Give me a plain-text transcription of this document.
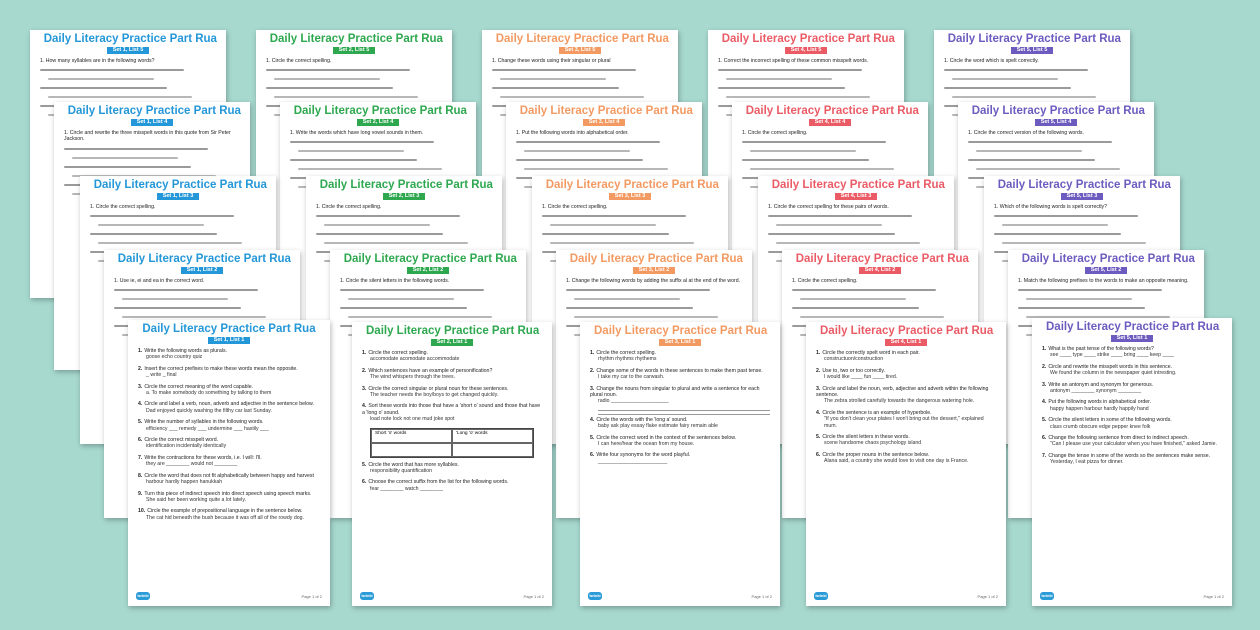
Daily Literacy Practice Part Rua
Set 1, List 5
1. How many syllables are in the following words?
Daily Literacy Practice Part Rua
Set 2, List 5
1. Circle the correct spelling.
Daily Literacy Practice Part Rua
Set 3, List 5
1. Change these words using their singular or plural
Daily Literacy Practice Part Rua
Set 4, List 5
1. Correct the incorrect spelling of these common misspelt words.
Daily Literacy Practice Part Rua
Set 5, List 5
1. Circle the word which is spelt correctly.
Daily Literacy Practice Part Rua
Set 1, List 4
1. Circle and rewrite the three misspelt words in this quote from Sir Peter Jackson.
Daily Literacy Practice Part Rua
Set 2, List 4
1. Write the words which have long vowel sounds in them.
Daily Literacy Practice Part Rua
Set 3, List 4
1. Put the following words into alphabetical order.
Daily Literacy Practice Part Rua
Set 4, List 4
1. Circle the correct spelling.
Daily Literacy Practice Part Rua
Set 5, List 4
1. Circle the correct version of the following words.
Daily Literacy Practice Part Rua
Set 1, List 3
1. Circle the correct spelling.
Daily Literacy Practice Part Rua
Set 2, List 3
1. Circle the correct spelling.
Daily Literacy Practice Part Rua
Set 3, List 3
1. Circle the correct spelling.
Daily Literacy Practice Part Rua
Set 4, List 3
1. Circle the correct spelling for these pairs of words.
Daily Literacy Practice Part Rua
Set 5, List 3
1. Which of the following words is spelt correctly?
Daily Literacy Practice Part Rua
Set 1, List 2
1. Use ie, ei and ea in the correct word.
Daily Literacy Practice Part Rua
Set 2, List 2
1. Circle the silent letters in the following words.
Daily Literacy Practice Part Rua
Set 3, List 2
1. Change the following words by adding the suffix al at the end of the word.
Daily Literacy Practice Part Rua
Set 4, List 2
1. Circle the correct spelling.
Daily Literacy Practice Part Rua
Set 5, List 2
1. Match the following prefixes to the words to make an opposite meaning.
Daily Literacy Practice Part Rua
Set 1, List 1
1. Write the following words as plurals.
goose echo country quiz
2. Insert the correct prefixes to make these words mean the opposite.
_ write _ final
3. Circle the correct meaning of the word capable.
a. To make somebody do something by talking to them
4. Circle and label a verb, noun, adverb and adjective in the sentence below.
Dad enjoyed quickly washing the filthy car last Sunday.
5. Write the number of syllables in the following words.
efficiency ___ remedy ___ undermine ___ hastily ___
6. Circle the correct misspelt word.
identification incidentally identically
7. Write the contractions for these words, i.e. I will: I'll.
they are ________ would not ________
8. Circle the word that does not fit alphabetically between happy and harvest
harbour hardly happen hanukkah
9. Turn this piece of indirect speech into direct speech using speech marks.
She said her been working quite a lot lately.
10. Circle the example of prepositional language in the sentence below.
The cat hid beneath the bush because it was off all of the rowdy dog.
twinkl	Page 1 of 2
Daily Literacy Practice Part Rua
Set 2, List 1
1. Circle the correct spelling.
accomodate acomodate accommodate
2. Which sentences have an example of personification?
The wind whispers through the trees.
3. Circle the correct singular or plural noun for these sentences.
The teacher needs the boy/boys to get changed quickly.
4. Sort these words into those that have a 'short o' sound and those that have a 'long o' sound.
load note lock not one mud joke spot
Short 'o' words	'Long 'o' words
5. Circle the word that has more syllables.
responsibility quantification
6. Choose the correct suffix from the list for the following words.
fear ________ watch ________
twinkl	Page 1 of 2
Daily Literacy Practice Part Rua
Set 3, List 1
1. Circle the correct spelling.
rhythm rhythms rhythems
2. Change some of the words in these sentences to make them past tense.
I take my car to the carwash.
3. Change the nouns from singular to plural and write a sentence for each plural noun.
radio ____________________
4. Circle the words with the 'long a' sound.
baby ask play essay flake estimate fairy remain able
5. Circle the correct word in the context of the sentences below.
I can here/hear the ocean from my house.
6. Write four synonyms for the word playful.
________________________
twinkl	Page 1 of 2
Daily Literacy Practice Part Rua
Set 4, List 1
1. Circle the correctly spelt word in each pair.
constructuon/construction
2. Use to, two or too correctly.
I would like ____ fun ____ tired.
3. Circle and label the noun, verb, adjective and adverb within the following sentence.
The zebra strolled carefully towards the dangerous watering hole.
4. Circle the sentence is an example of hyperbole.
"If you don't clean your plates I won't bring out the dessert," explained mum.
5. Circle the silent letters in these words.
scene handsome chaos psychology island
6. Circle the proper nouns in the sentence below.
Alana said, a country she would love to visit one day is France.
twinkl	Page 1 of 2
Daily Literacy Practice Part Rua
Set 5, List 1
1. What is the past tense of the following words?
see ____ type ____ strike ____ bring ____ keep ____
2. Circle and rewrite the misspelt words in this sentence.
We found the column in the newspaper quiet intresting.
3. Write an antonym and synonym for generous.
antonym ________ synonym ________
4. Put the following words in alphabetical order.
happy happen harbour hardly happily hand
5. Circle the silent letters in some of the following words.
class crumb obscure edge pepper knee folk
6. Change the following sentence from direct to indirect speech.
"Can I please use your calculator when you have finished," asked Jamie.
7. Change the tense in some of the words so the sentences make sense.
Yesterday, I eat pizza for dinner.
twinkl	Page 1 of 2
